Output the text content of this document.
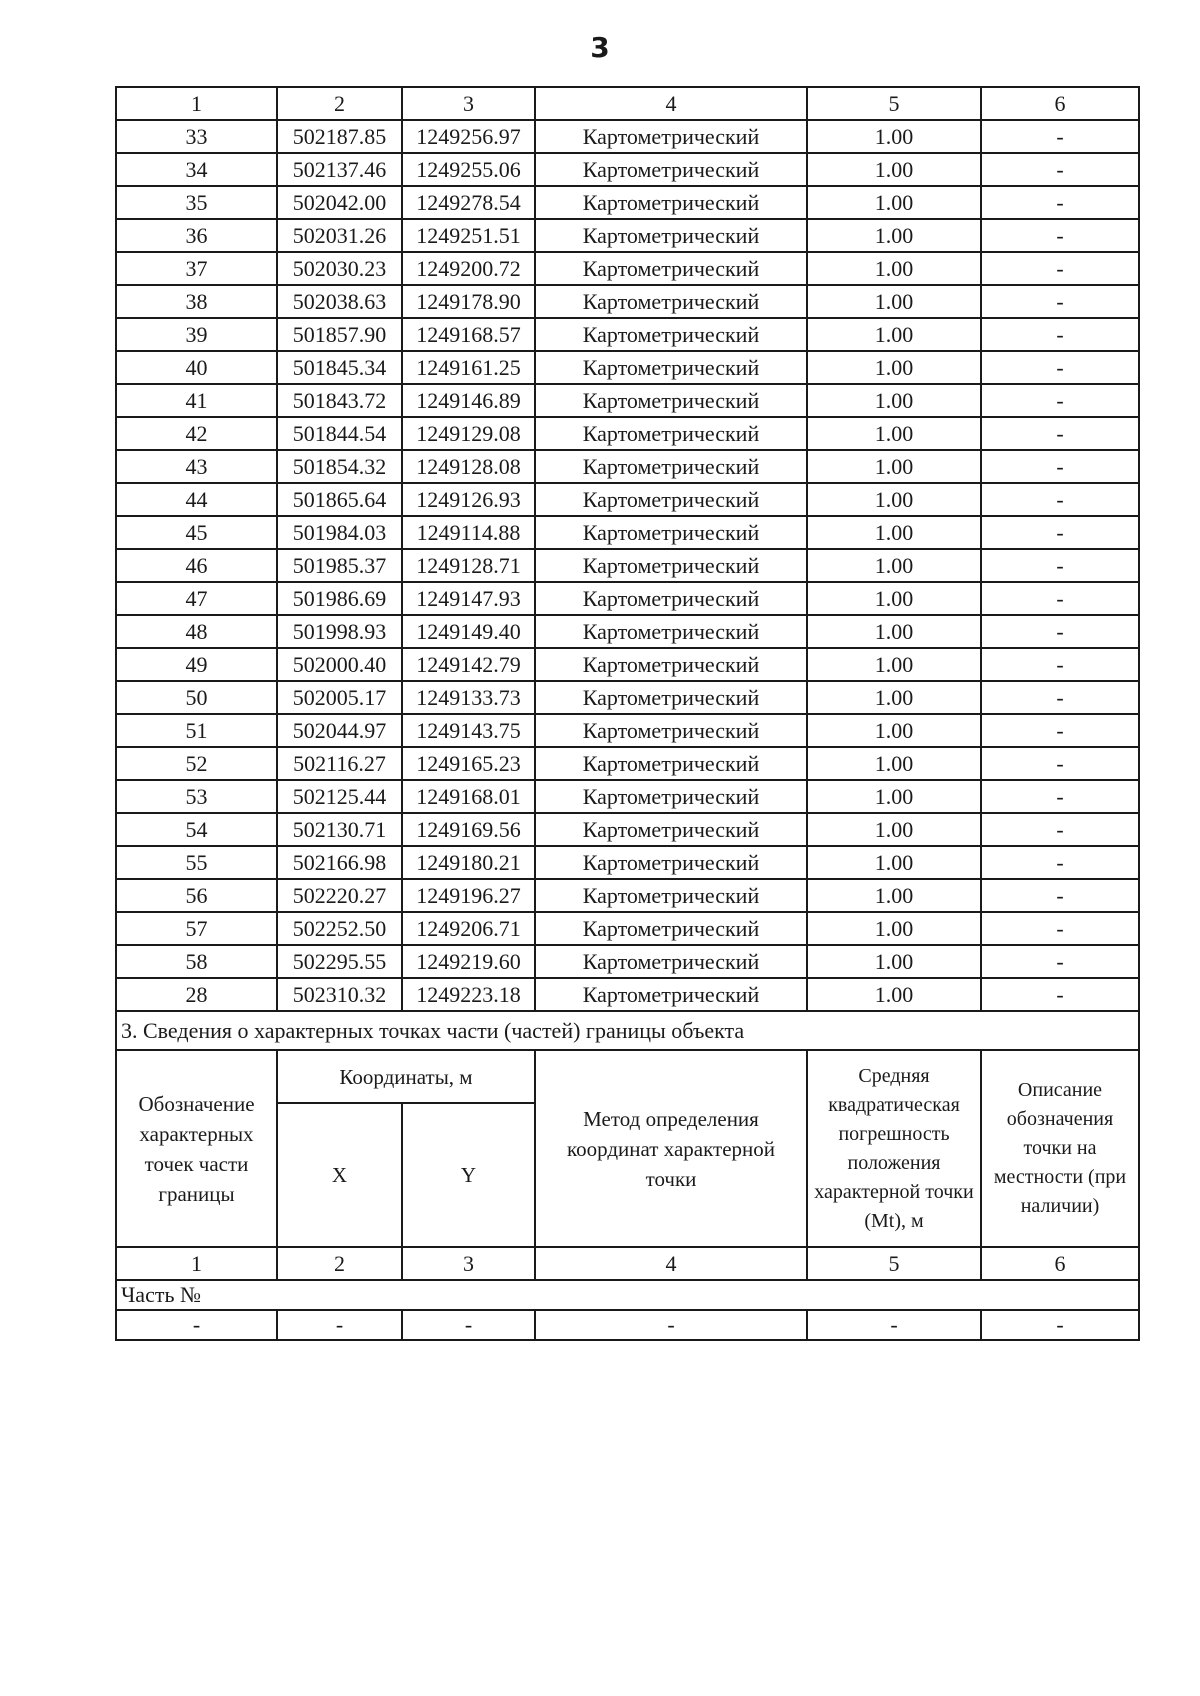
3
1	2	3	4	5	6
33	502187.85	1249256.97	Картометрический	1.00	-
34	502137.46	1249255.06	Картометрический	1.00	-
35	502042.00	1249278.54	Картометрический	1.00	-
36	502031.26	1249251.51	Картометрический	1.00	-
37	502030.23	1249200.72	Картометрический	1.00	-
38	502038.63	1249178.90	Картометрический	1.00	-
39	501857.90	1249168.57	Картометрический	1.00	-
40	501845.34	1249161.25	Картометрический	1.00	-
41	501843.72	1249146.89	Картометрический	1.00	-
42	501844.54	1249129.08	Картометрический	1.00	-
43	501854.32	1249128.08	Картометрический	1.00	-
44	501865.64	1249126.93	Картометрический	1.00	-
45	501984.03	1249114.88	Картометрический	1.00	-
46	501985.37	1249128.71	Картометрический	1.00	-
47	501986.69	1249147.93	Картометрический	1.00	-
48	501998.93	1249149.40	Картометрический	1.00	-
49	502000.40	1249142.79	Картометрический	1.00	-
50	502005.17	1249133.73	Картометрический	1.00	-
51	502044.97	1249143.75	Картометрический	1.00	-
52	502116.27	1249165.23	Картометрический	1.00	-
53	502125.44	1249168.01	Картометрический	1.00	-
54	502130.71	1249169.56	Картометрический	1.00	-
55	502166.98	1249180.21	Картометрический	1.00	-
56	502220.27	1249196.27	Картометрический	1.00	-
57	502252.50	1249206.71	Картометрический	1.00	-
58	502295.55	1249219.60	Картометрический	1.00	-
28	502310.32	1249223.18	Картометрический	1.00	-
3. Сведения о характерных точках части (частей) границы объекта					
Обозначение характерных точек части границы	Координаты, м		Метод определения координат характерной точки	Средняя квадратическая погрешность положения характерной точки (Mt), м	Описание обозначения точки на местности (при наличии)
	X	Y			
1	2	3	4	5	6
Часть №					
-	-	-	-	-	-
